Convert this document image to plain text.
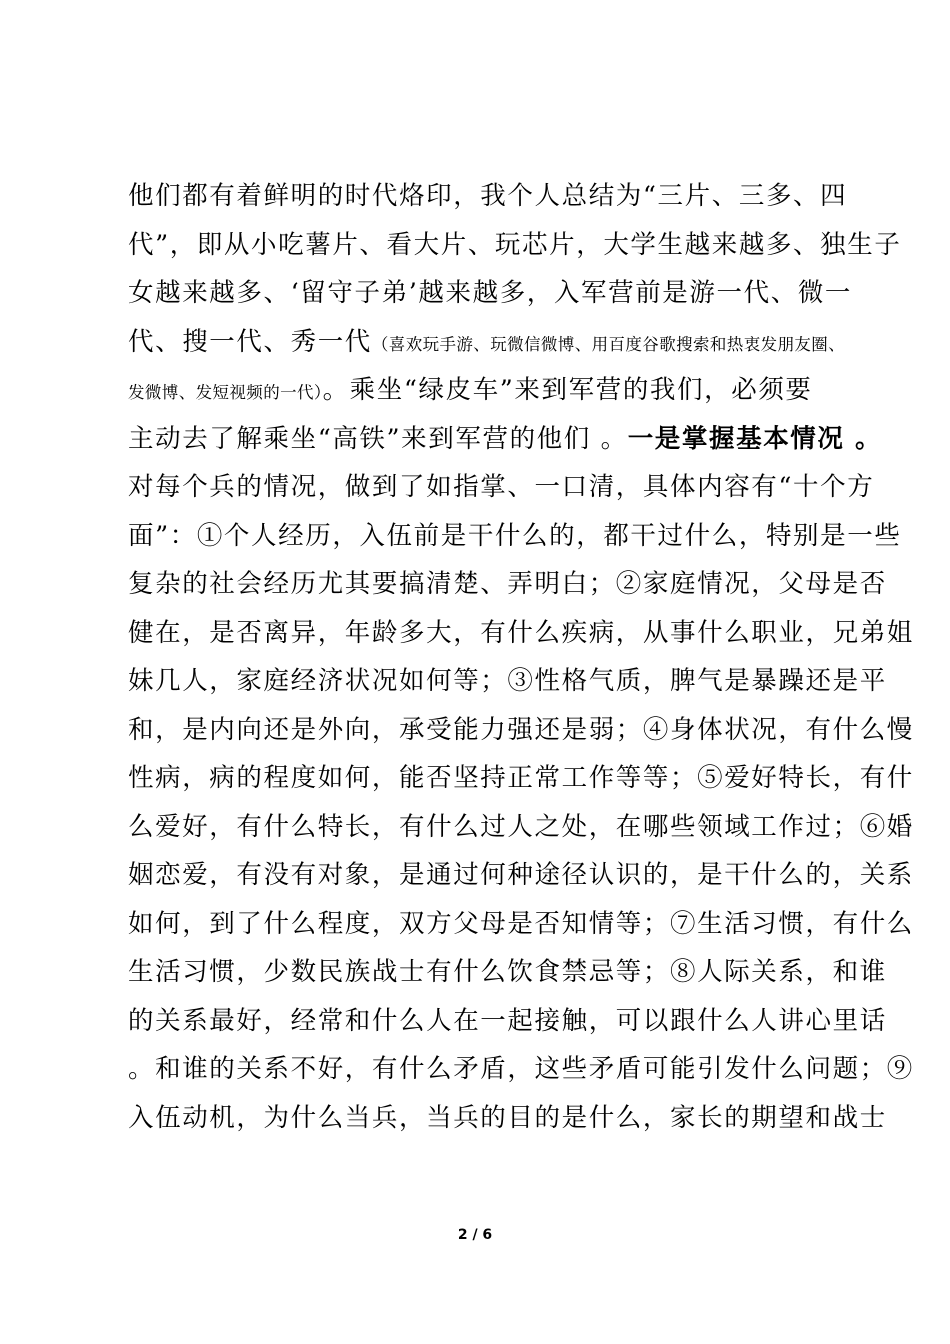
他们都有着鲜明的时代烙印，我个人总结为“三片、三多、四
代”，即从小吃薯片、看大片、玩芯片，大学生越来越多、独生子
女越来越多、‘留守子弟’越来越多，入军营前是游一代、微一
代、搜一代、秀一代（喜欢玩手游、玩微信微博、用百度谷歌搜索和热衷发朋友圈、
发微博、发短视频的一代）。乘坐“绿皮车”来到军营的我们，必须要
主动去了解乘坐“高铁”来到军营的他们 。一是掌握基本情况 。
对每个兵的情况，做到了如指掌、一口清，具体内容有“十个方
面”：①个人经历，入伍前是干什么的，都干过什么，特别是一些
复杂的社会经历尤其要搞清楚、弄明白；②家庭情况，父母是否
健在，是否离异，年龄多大，有什么疾病，从事什么职业，兄弟姐
妹几人，家庭经济状况如何等；③性格气质，脾气是暴躁还是平
和，是内向还是外向，承受能力强还是弱；④身体状况，有什么慢
性病，病的程度如何，能否坚持正常工作等等；⑤爱好特长，有什
么爱好，有什么特长，有什么过人之处，在哪些领域工作过；⑥婚
姻恋爱，有没有对象，是通过何种途径认识的，是干什么的，关系
如何，到了什么程度，双方父母是否知情等；⑦生活习惯，有什么
生活习惯，少数民族战士有什么饮食禁忌等；⑧人际关系，和谁
的关系最好，经常和什么人在一起接触，可以跟什么人讲心里话
。和谁的关系不好，有什么矛盾，这些矛盾可能引发什么问题；⑨
入伍动机，为什么当兵，当兵的目的是什么，家长的期望和战士
2 / 6
